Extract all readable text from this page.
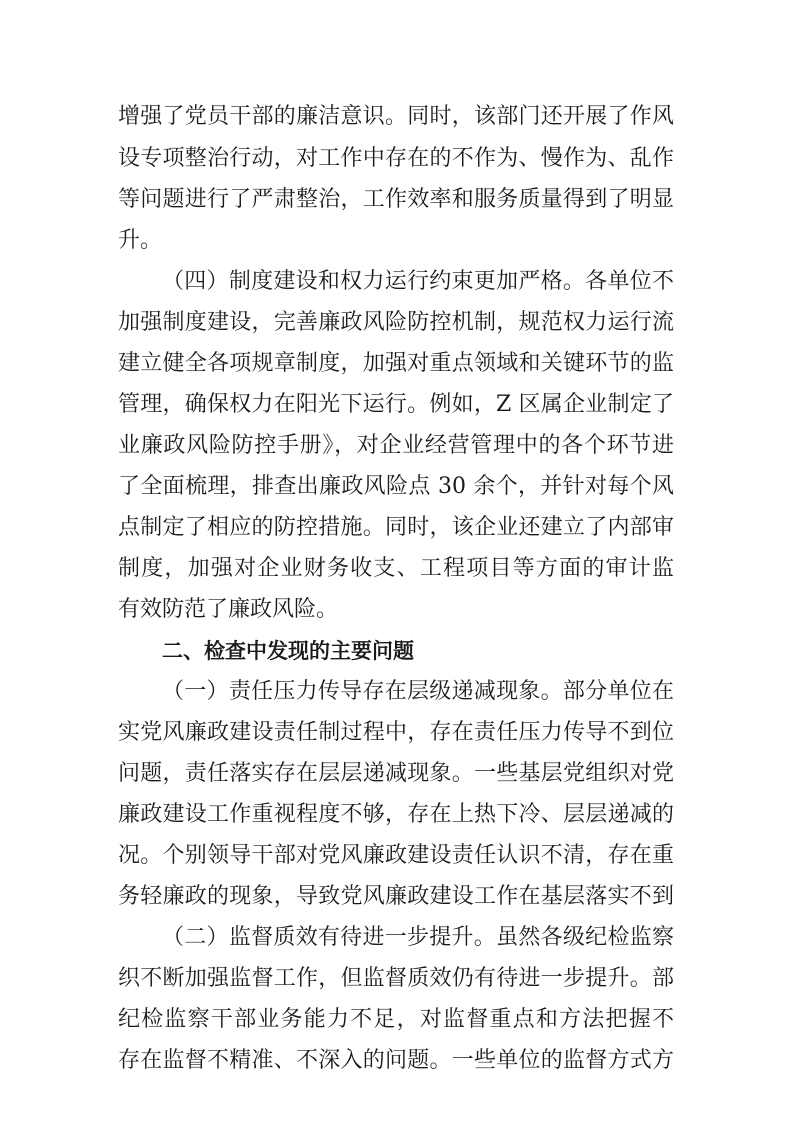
增强了党员干部的廉洁意识。同时，该部门还开展了作风
设专项整治行动，对工作中存在的不作为、慢作为、乱作
等问题进行了严肃整治，工作效率和服务质量得到了明显
升。
（四）制度建设和权力运行约束更加严格。各单位不
加强制度建设，完善廉政风险防控机制，规范权力运行流
建立健全各项规章制度，加强对重点领域和关键环节的监
管理，确保权力在阳光下运行。例如，Z 区属企业制定了
业廉政风险防控手册》，对企业经营管理中的各个环节进
了全面梳理，排查出廉政风险点 30 余个，并针对每个风
点制定了相应的防控措施。同时，该企业还建立了内部审
制度，加强对企业财务收支、工程项目等方面的审计监
有效防范了廉政风险。
二、检查中发现的主要问题
（一）责任压力传导存在层级递减现象。部分单位在
实党风廉政建设责任制过程中，存在责任压力传导不到位
问题，责任落实存在层层递减现象。一些基层党组织对党
廉政建设工作重视程度不够，存在上热下冷、层层递减的
况。个别领导干部对党风廉政建设责任认识不清，存在重
务轻廉政的现象，导致党风廉政建设工作在基层落实不到
（二）监督质效有待进一步提升。虽然各级纪检监察
织不断加强监督工作，但监督质效仍有待进一步提升。部
纪检监察干部业务能力不足，对监督重点和方法把握不
存在监督不精准、不深入的问题。一些单位的监督方式方
